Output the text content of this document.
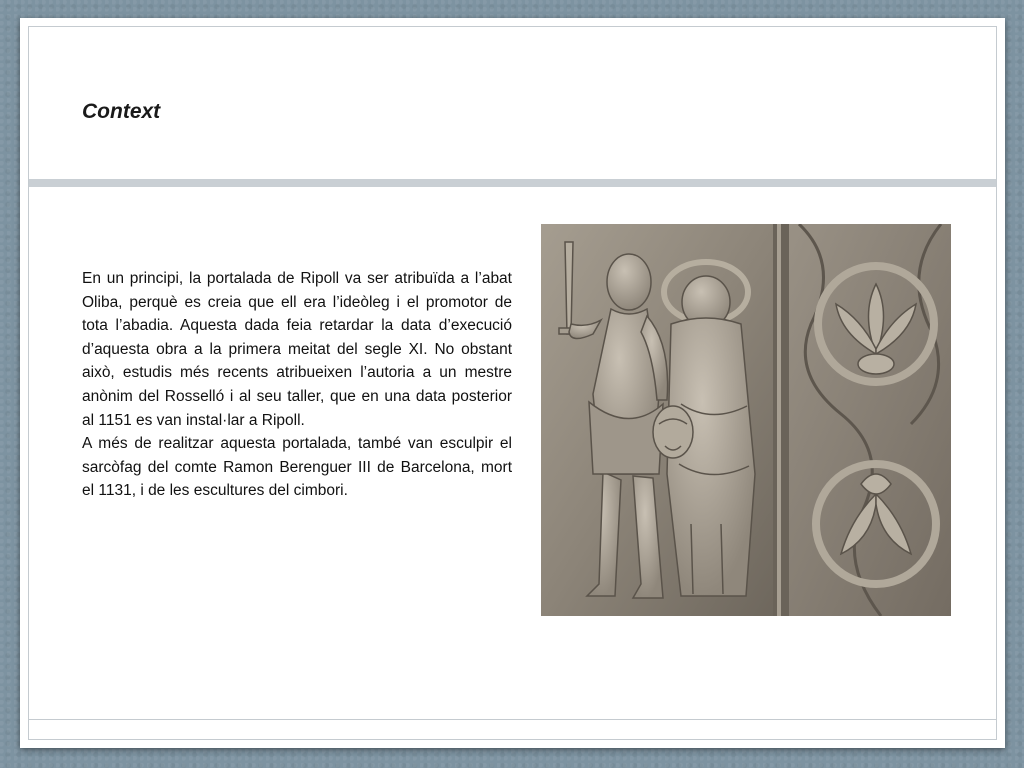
Context

En un principi, la portalada de Ripoll va ser atribuïda a l’abat Oliba, perquè es creia que ell era l’ideòleg i el promotor de tota l’abadia. Aquesta dada feia retardar la data d’execució d’aquesta obra a la primera meitat del segle XI. No obstant això, estudis més recents atribueixen l’autoria a un mestre anònim del Rosselló i al seu taller, que en una data posterior al 1151 es van instal·lar a Ripoll.

A més de realitzar aquesta portalada, també van esculpir el sarcòfag del comte Ramon Berenguer III de Barcelona, mort el 1131, i de les escultures del cimbori.
